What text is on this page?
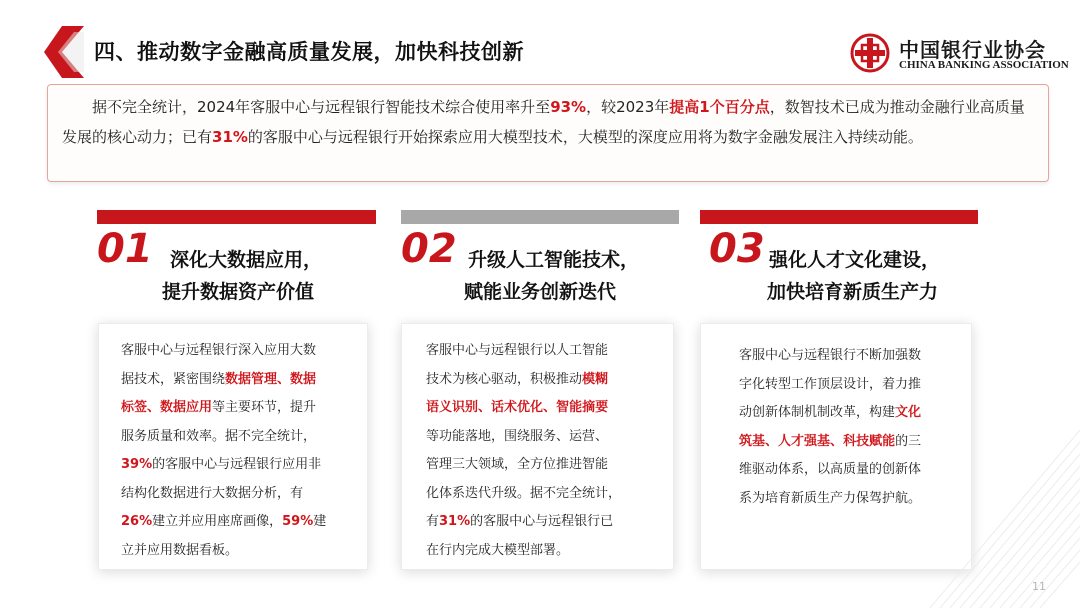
四、推动数字金融高质量发展，加快科技创新	中国银行业协会
CHINA BANKING ASSOCIATION
据不完全统计，2024年客服中心与远程银行智能技术综合使用率升至93%，较2023年提高1个百分点，数智技术已成为推动金融行业高质量发展的核心动力；已有31%的客服中心与远程银行开始探索应用大模型技术，大模型的深度应用将为数字金融发展注入持续动能。
01 深化大数据应用，
提升数据资产价值

客服中心与远程银行深入应用大数

据技术，紧密围绕数据管理、数据

标签、数据应用等主要环节，提升

服务质量和效率。据不完全统计，

39%的客服中心与远程银行应用非

结构化数据进行大数据分析，有

26%建立并应用座席画像，59%建

立并应用数据看板。

02 升级人工智能技术，
赋能业务创新迭代

客服中心与远程银行以人工智能

技术为核心驱动，积极推动模糊

语义识别、话术优化、智能摘要

等功能落地，围绕服务、运营、

管理三大领域，全方位推进智能

化体系迭代升级。据不完全统计，

有31%的客服中心与远程银行已

在行内完成大模型部署。

03 强化人才文化建设，
加快培育新质生产力

客服中心与远程银行不断加强数

字化转型工作顶层设计，着力推

动创新体制机制改革，构建文化

筑基、人才强基、科技赋能的三

维驱动体系，以高质量的创新体

系为培育新质生产力保驾护航。

11
